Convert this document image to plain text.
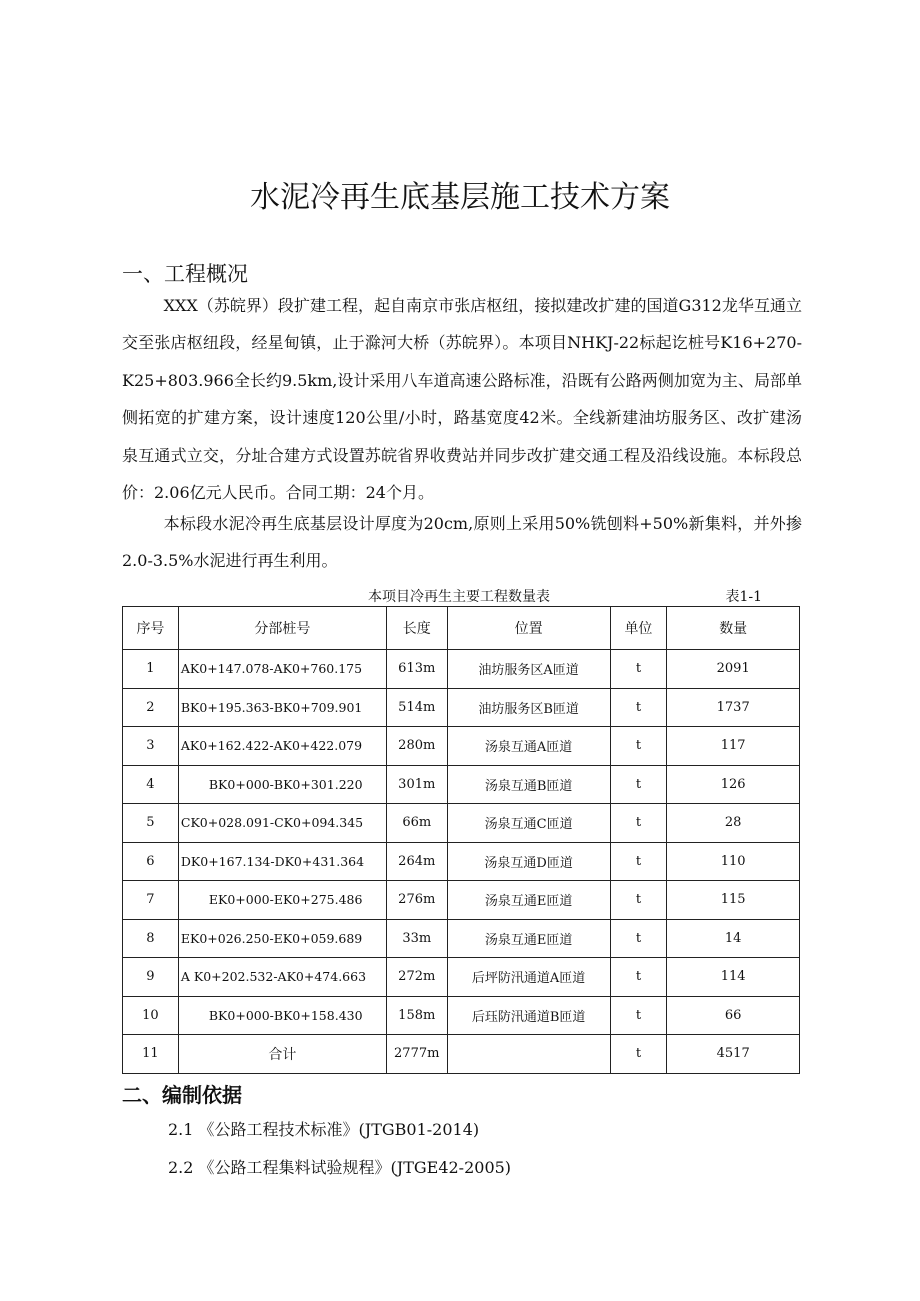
水泥冷再生底基层施工技术方案
一、工程概况
XXX（苏皖界）段扩建工程，起自南京市张店枢纽，接拟建改扩建的国道G312龙华互通立交至张店枢纽段，经星甸镇，止于滁河大桥（苏皖界）。本项目NHKJ-22标起讫桩号K16+270-K25+803.966全长约9.5km,设计采用八车道高速公路标准，沿既有公路两侧加宽为主、局部单侧拓宽的扩建方案，设计速度120公里/小时，路基宽度42米。全线新建油坊服务区、改扩建汤泉互通式立交，分址合建方式设置苏皖省界收费站并同步改扩建交通工程及沿线设施。本标段总价：2.06亿元人民币。合同工期：24个月。
本标段水泥冷再生底基层设计厚度为20cm,原则上采用50%铣刨料+50%新集料，并外掺2.0-3.5%水泥进行再生利用。
本项目冷再生主要工程数量表	表1-1
序号	分部桩号	长度	位置	单位	数量
1	AK0+147.078-AK0+760.175	613m	油坊服务区A匝道	t	2091
2	BK0+195.363-BK0+709.901	514m	油坊服务区B匝道	t	1737
3	AK0+162.422-AK0+422.079	280m	汤泉互通A匝道	t	117
4	BK0+000-BK0+301.220	301m	汤泉互通B匝道	t	126
5	CK0+028.091-CK0+094.345	66m	汤泉互通C匝道	t	28
6	DK0+167.134-DK0+431.364	264m	汤泉互通D匝道	t	110
7	EK0+000-EK0+275.486	276m	汤泉互通E匝道	t	115
8	EK0+026.250-EK0+059.689	33m	汤泉互通E匝道	t	14
9	A K0+202.532-AK0+474.663	272m	后坪防汛通道A匝道	t	114
10	BK0+000-BK0+158.430	158m	后珏防汛通道B匝道	t	66
11	合计	2777m		t	4517
二、编制依据
2.1 《公路工程技术标准》(JTGB01-2014)
2.2 《公路工程集料试验规程》(JTGE42-2005)
